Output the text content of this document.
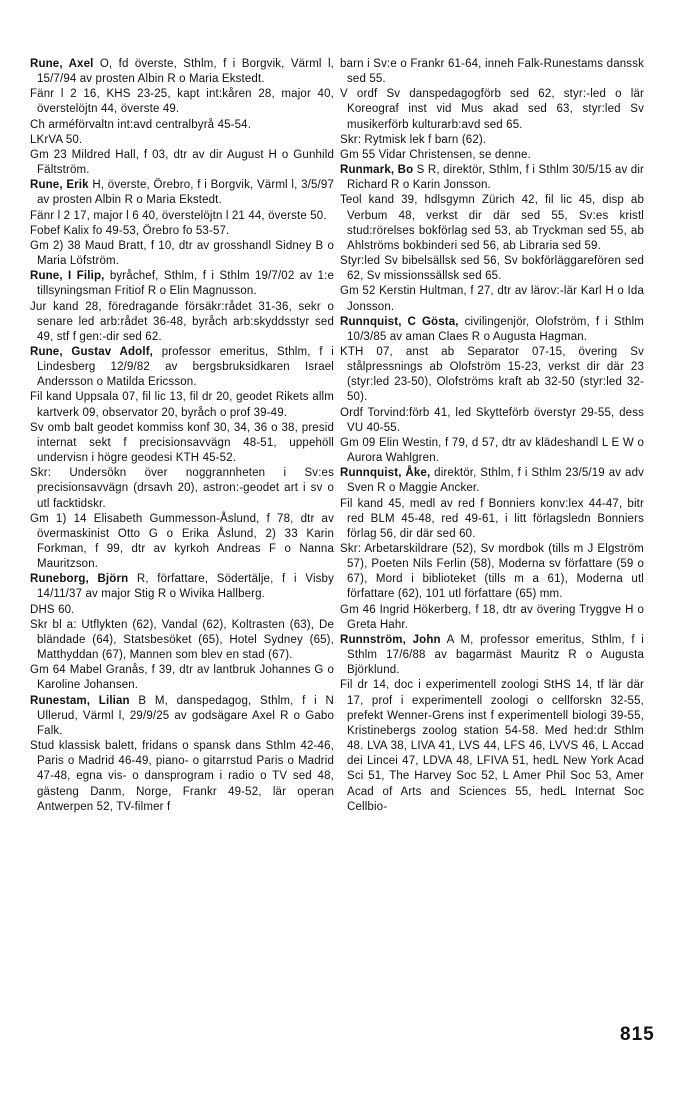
Rune, Axel O, fd överste, Sthlm, f i Borgvik, Värml l, 15/7/94 av prosten Albin R o Maria Ekstedt.

Fänr l 2 16, KHS 23-25, kapt int:kåren 28, major 40, överstelöjtn 44, överste 49.

Ch arméförvaltn int:avd centralbyrå 45-54.

LKrVA 50.

Gm 23 Mildred Hall, f 03, dtr av dir August H o Gunhild Fältström.

Rune, Erik H, överste, Örebro, f i Borgvik, Värml l, 3/5/97 av prosten Albin R o Maria Ekstedt.

Fänr l 2 17, major l 6 40, överstelöjtn l 21 44, överste 50.

Fobef Kalix fo 49-53, Örebro fo 53-57.

Gm 2) 38 Maud Bratt, f 10, dtr av grosshandl Sidney B o Maria Löfström.

Rune, I Filip, byråchef, Sthlm, f i Sthlm 19/7/02 av 1:e tillsyningsman Fritiof R o Elin Magnusson.

Jur kand 28, föredragande försäkr:rådet 31-36, sekr o senare led arb:rådet 36-48, byråch arb:skyddsstyr sed 49, stf f gen:-dir sed 62.

Rune, Gustav Adolf, professor emeritus, Sthlm, f i Lindesberg 12/9/82 av bergsbruksidkaren Israel Andersson o Matilda Ericsson.

Fil kand Uppsala 07, fil lic 13, fil dr 20, geodet Rikets allm kartverk 09, observator 20, byråch o prof 39-49.

Sv omb balt geodet kommiss konf 30, 34, 36 o 38, presid internat sekt f precisionsavvägn 48-51, uppehöll undervisn i högre geodesi KTH 45-52.

Skr: Undersökn över noggrannheten i Sv:es precisionsavvägn (drsavh 20), astron:-geodet art i sv o utl facktidskr.

Gm 1) 14 Elisabeth Gummesson-Åslund, f 78, dtr av övermaskinist Otto G o Erika Åslund, 2) 33 Karin Forkman, f 99, dtr av kyrkoh Andreas F o Nanna Mauritzson.

Runeborg, Björn R, författare, Södertälje, f i Visby 14/11/37 av major Stig R o Wivika Hallberg.

DHS 60.

Skr bl a: Utflykten (62), Vandal (62), Koltrasten (63), De bländade (64), Statsbesöket (65), Hotel Sydney (65), Matthyddan (67), Mannen som blev en stad (67).

Gm 64 Mabel Granås, f 39, dtr av lantbruk Johannes G o Karoline Johansen.

Runestam, Lilian B M, danspedagog, Sthlm, f i N Ullerud, Värml l, 29/9/25 av godsägare Axel R o Gabo Falk.

Stud klassisk balett, fridans o spansk dans Sthlm 42-46, Paris o Madrid 46-49, piano- o gitarrstud Paris o Madrid 47-48, egna vis- o dansprogram i radio o TV sed 48, gästeng Danm, Norge, Frankr 49-52, lär operan Antwerpen 52, TV-filmer f

barn i Sv:e o Frankr 61-64, inneh Falk-Runestams danssk sed 55.

V ordf Sv danspedagogförb sed 62, styr:-led o lär Koreograf inst vid Mus akad sed 63, styr:led Sv musikerförb kulturarb:avd sed 65.

Skr: Rytmisk lek f barn (62).

Gm 55 Vidar Christensen, se denne.

Runmark, Bo S R, direktör, Sthlm, f i Sthlm 30/5/15 av dir Richard R o Karin Jonsson.

Teol kand 39, hdlsgymn Zürich 42, fil lic 45, disp ab Verbum 48, verkst dir där sed 55, Sv:es kristl stud:rörelses bokförlag sed 53, ab Tryckman sed 55, ab Ahlströms bokbinderi sed 56, ab Libraria sed 59.

Styr:led Sv bibelsällsk sed 56, Sv bokförläggarefören sed 62, Sv missionssällsk sed 65.

Gm 52 Kerstin Hultman, f 27, dtr av lärov:-lär Karl H o Ida Jonsson.

Runnquist, C Gösta, civilingenjör, Olofström, f i Sthlm 10/3/85 av aman Claes R o Augusta Hagman.

KTH 07, anst ab Separator 07-15, övering Sv stålpressnings ab Olofström 15-23, verkst dir där 23 (styr:led 23-50), Olofströms kraft ab 32-50 (styr:led 32-50).

Ordf Torvind:förb 41, led Skytteförb överstyr 29-55, dess VU 40-55.

Gm 09 Elin Westin, f 79, d 57, dtr av klädeshandl L E W o Aurora Wahlgren.

Runnquist, Åke, direktör, Sthlm, f i Sthlm 23/5/19 av adv Sven R o Maggie Ancker.

Fil kand 45, medl av red f Bonniers konv:lex 44-47, bitr red BLM 45-48, red 49-61, i litt förlagsledn Bonniers förlag 56, dir där sed 60.

Skr: Arbetarskildrare (52), Sv mordbok (tills m J Elgström 57), Poeten Nils Ferlin (58), Moderna sv författare (59 o 67), Mord i biblioteket (tills m a 61), Moderna utl författare (62), 101 utl författare (65) mm.

Gm 46 Ingrid Hökerberg, f 18, dtr av övering Tryggve H o Greta Hahr.

Runnström, John A M, professor emeritus, Sthlm, f i Sthlm 17/6/88 av bagarmäst Mauritz R o Augusta Björklund.

Fil dr 14, doc i experimentell zoologi StHS 14, tf lär där 17, prof i experimentell zoologi o cellforskn 32-55, prefekt Wenner-Grens inst f experimentell biologi 39-55, Kristinebergs zoolog station 54-58. Med hed:dr Sthlm 48. LVA 38, LIVA 41, LVS 44, LFS 46, LVVS 46, L Accad dei Lincei 47, LDVA 48, LFIVA 51, hedL New York Acad Sci 51, The Harvey Soc 52, L Amer Phil Soc 53, Amer Acad of Arts and Sciences 55, hedL Internat Soc Cellbio-

815
